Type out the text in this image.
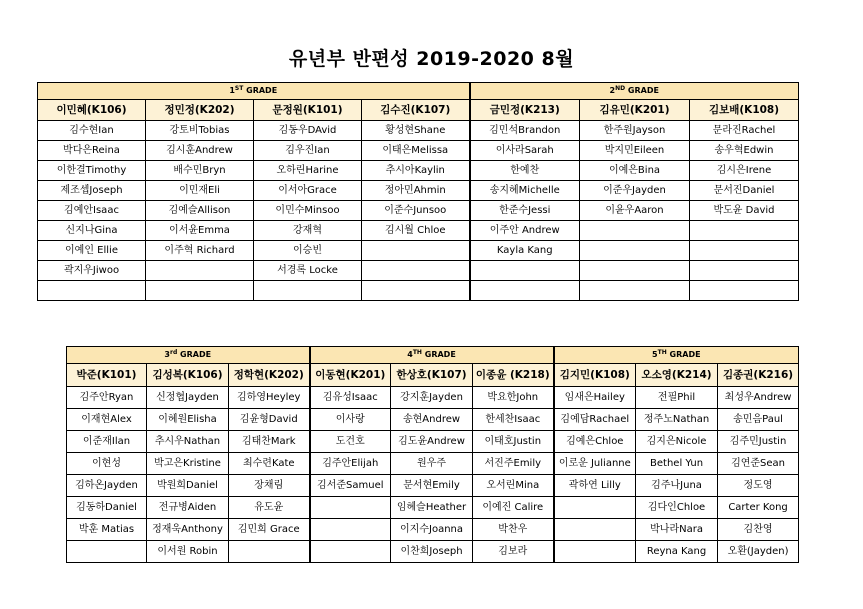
유년부 반편성 2019-2020 8월
1ST GRADE				2ND GRADE		
이민혜(K106)	정민정(K202)	문정원(K101)	김수진(K107)	금민정(K213)	김유민(K201)	김보배(K108)
김수현Ian	강토비Tobias	김동우DAvid	황성현Shane	김민석Brandon	한주원Jayson	문라진Rachel
박다은Reina	김시훈Andrew	김우진Ian	이태은Melissa	이사라Sarah	박지민Eileen	송우혁Edwin
이한결Timothy	배수민Bryn	오하린Harine	추시아Kaylin	한예찬	이예은Bina	김시은Irene
제조셉Joseph	이민재Eli	이서아Grace	정아민Ahmin	송지혜Michelle	이준우Jayden	문서진Daniel
김예안Isaac	김예슬Allison	이민수Minsoo	이준수Junsoo	한준수Jessi	이윤우Aaron	박도윤 David
신지나Gina	이서윤Emma	강재혁	김시월 Chloe	이주안 Andrew		
이예인 Ellie	이주혁 Richard	이승빈		Kayla Kang		
곽지우Jiwoo		서경록 Locke				

3rd GRADE			4TH GRADE			5TH GRADE		
박준(K101)	김성복(K106)	정학현(K202)	이동현(K201)	한상호(K107)	이종윤 (K218)	김지민(K108)	오소영(K214)	김종권(K216)
김주안Ryan	신정협Jayden	김하영Heyley	김유성Isaac	강지훈Jayden	박요한John	임새은Hailey	전필Phil	최성우Andrew
이재현Alex	이혜원Elisha	김윤형David	이사랑	송현Andrew	한세찬Isaac	김예담Rachael	정주노Nathan	송민음Paul
이준재Ilan	추시우Nathan	김태찬Mark	도건호	김도윤Andrew	이태호Justin	김예은Chloe	김지은Nicole	김주민Justin
이현성	박고은Kristine	최수련Kate	김주안Elijah	원우주	서진주Emily	이로운 Julianne	Bethel Yun	김연준Sean
김하온Jayden	박원희Daniel	장채림	김서준Samuel	문서현Emily	오서린Mina	곽하연 Lilly	김주나Juna	정도영
김동하Daniel	전규병Aiden	유도윤		임혜슬Heather	이예진 Calire		김다인Chloe	Carter Kong
박훈 Matias	정재욱Anthony	김민희 Grace		이지수Joanna	박찬우		박나라Nara	김찬영
	이서원 Robin			이찬희Joseph	김보라		Reyna Kang	오환(Jayden)
